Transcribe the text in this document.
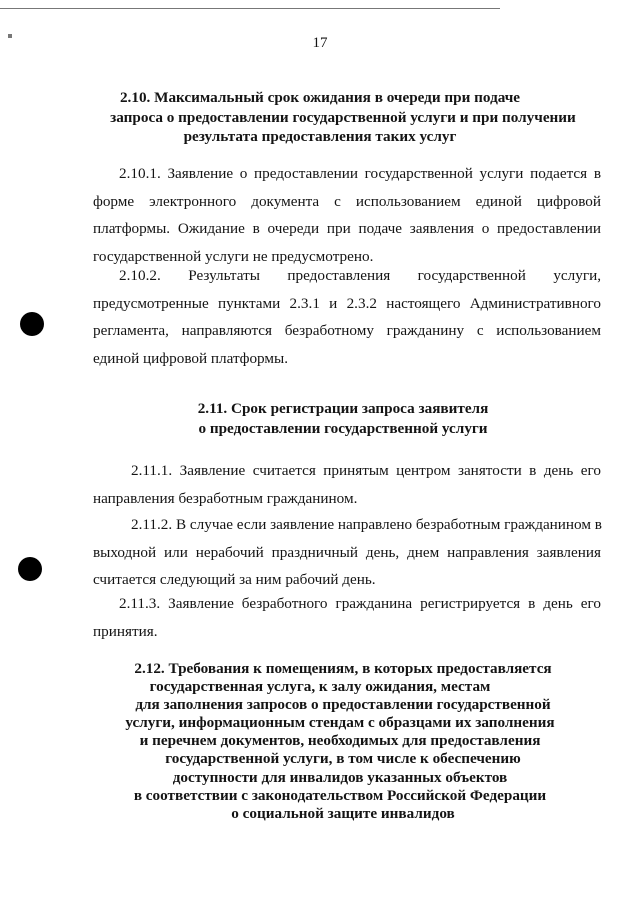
17
2.10. Максимальный срок ожидания в очереди при подаче
запроса о предоставлении государственной услуги и при получении
результата предоставления таких услуг
2.10.1. Заявление о предоставлении государственной услуги подается в
форме электронного документа с использованием единой цифровой
платформы. Ожидание в очереди при подаче заявления о предоставлении
государственной услуги не предусмотрено.
2.10.2. Результаты предоставления государственной услуги,
предусмотренные пунктами 2.3.1 и 2.3.2 настоящего Административного
регламента, направляются безработному гражданину с использованием
единой цифровой платформы.
2.11. Срок регистрации запроса заявителя
о предоставлении государственной услуги
2.11.1. Заявление считается принятым центром занятости в день его
направления безработным гражданином.
2.11.2. В случае если заявление направлено безработным гражданином в
выходной или нерабочий праздничный день, днем направления заявления
считается следующий за ним рабочий день.
2.11.3. Заявление безработного гражданина регистрируется в день его
принятия.
2.12. Требования к помещениям, в которых предоставляется
государственная услуга, к залу ожидания, местам
для заполнения запросов о предоставлении государственной
услуги, информационным стендам с образцами их заполнения
и перечнем документов, необходимых для предоставления
государственной услуги, в том числе к обеспечению
доступности для инвалидов указанных объектов
в соответствии с законодательством Российской Федерации
о социальной защите инвалидов
